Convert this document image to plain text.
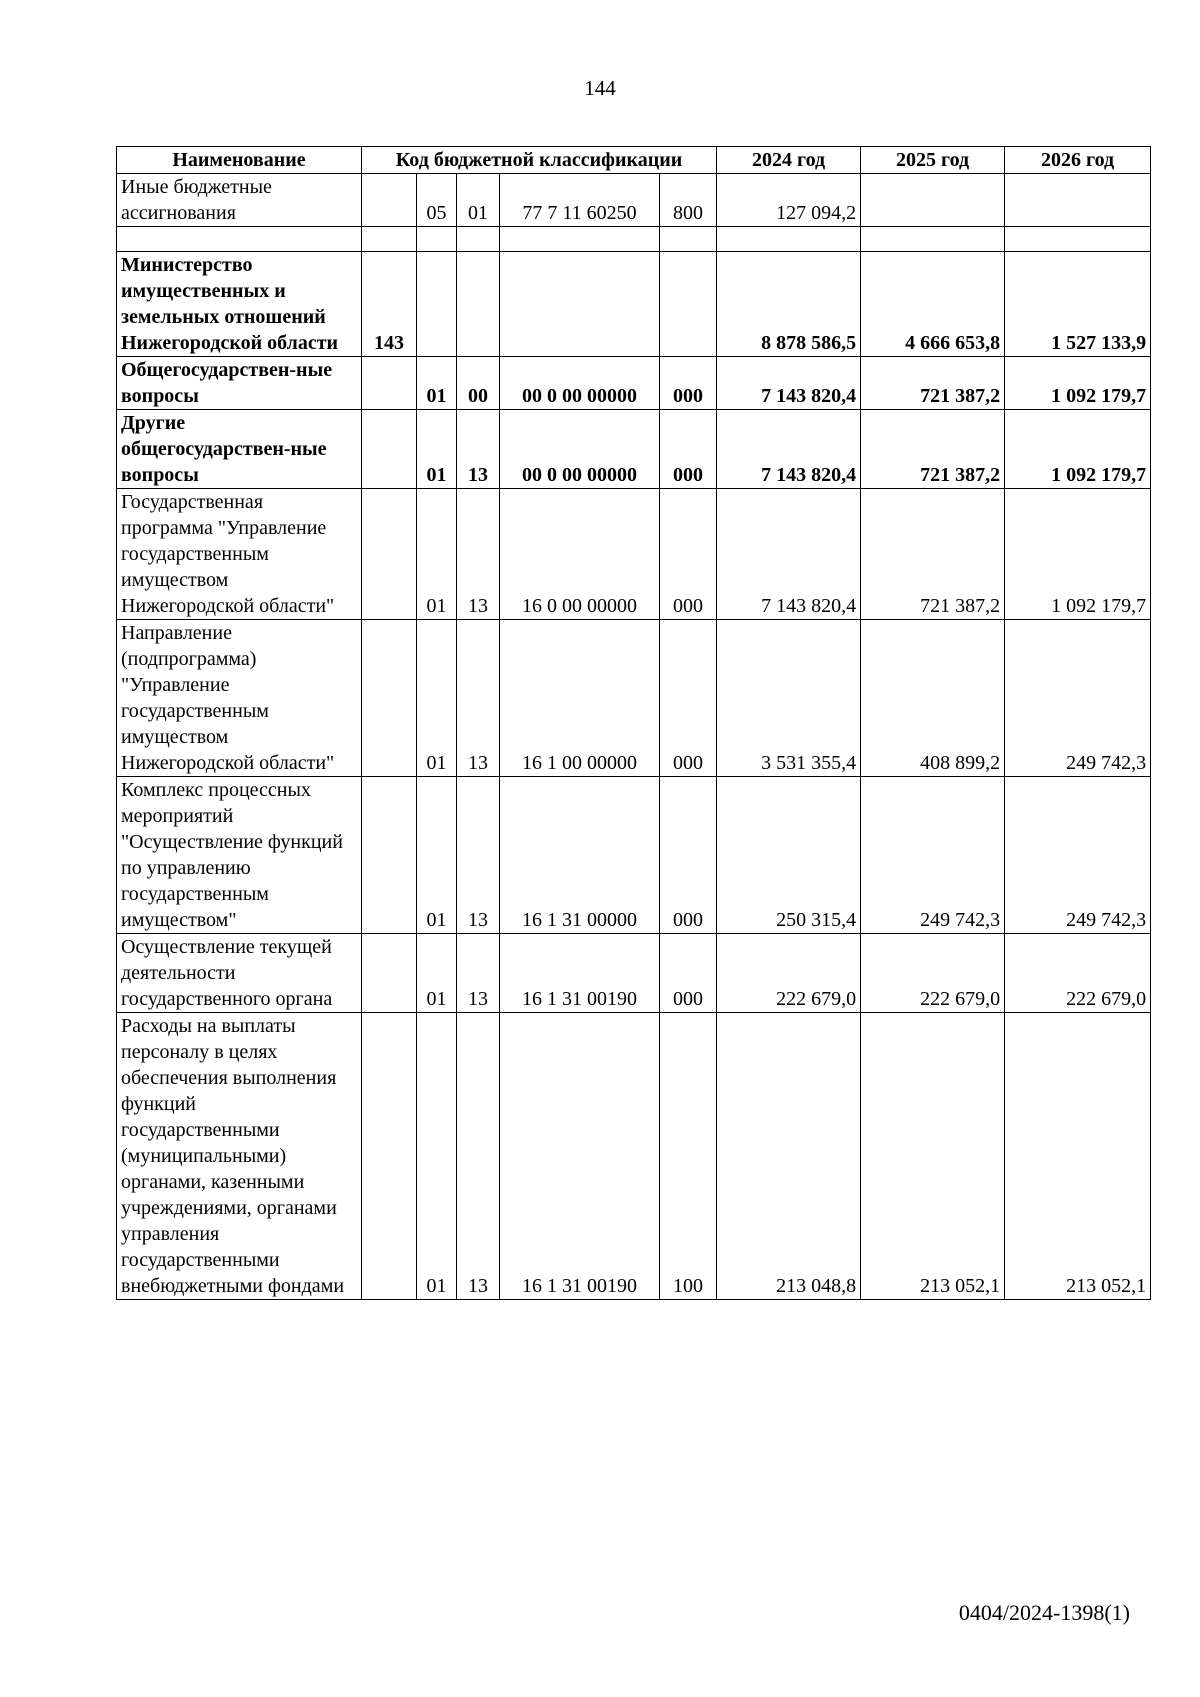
144
Наименование	Код бюджетной классификации					2024 год	2025 год	2026 год
Иные бюджетные ассигнования		05	01	77 7 11 60250	800	127 094,2		

Министерство имущественных и земельных отношений Нижегородской области	143					8 878 586,5	4 666 653,8	1 527 133,9
Общегосударствен-ные вопросы		01	00	00 0 00 00000	000	7 143 820,4	721 387,2	1 092 179,7
Другие общегосударствен-ные вопросы		01	13	00 0 00 00000	000	7 143 820,4	721 387,2	1 092 179,7
Государственная программа "Управление государственным имуществом Нижегородской области"		01	13	16 0 00 00000	000	7 143 820,4	721 387,2	1 092 179,7
Направление (подпрограмма) "Управление государственным имуществом Нижегородской области"		01	13	16 1 00 00000	000	3 531 355,4	408 899,2	249 742,3
Комплекс процессных мероприятий "Осуществление функций по управлению государственным имуществом"		01	13	16 1 31 00000	000	250 315,4	249 742,3	249 742,3
Осуществление текущей деятельности государственного органа		01	13	16 1 31 00190	000	222 679,0	222 679,0	222 679,0
Расходы на выплаты персоналу в целях обеспечения выполнения функций государственными (муниципальными) органами, казенными учреждениями, органами управления государственными внебюджетными фондами		01	13	16 1 31 00190	100	213 048,8	213 052,1	213 052,1
0404/2024-1398(1)
